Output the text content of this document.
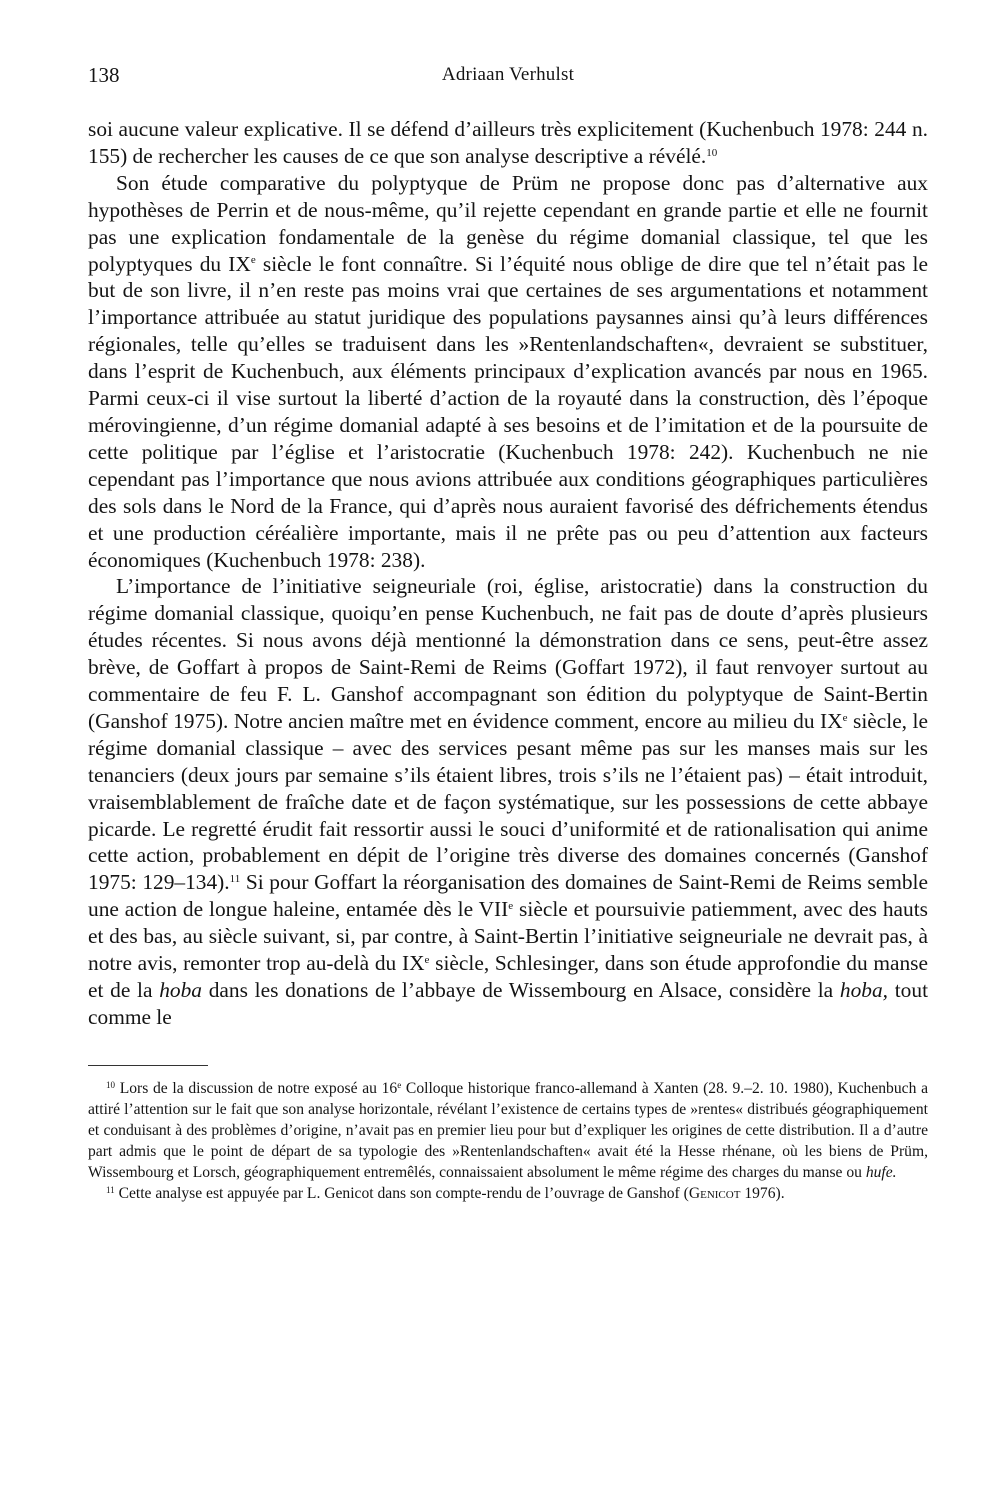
138	Adriaan Verhulst

soi aucune valeur explicative. Il se défend d’ailleurs très explicitement (Kuchenbuch 1978: 244 n. 155) de rechercher les causes de ce que son analyse descriptive a révélé.$^{10}$

Son étude comparative du polyptyque de Prüm ne propose donc pas d’alternative aux hypothèses de Perrin et de nous-même, qu’il rejette cependant en grande partie et elle ne fournit pas une explication fondamentale de la genèse du régime domanial classique, tel que les polyptyques du IXe siècle le font connaître. Si l’équité nous oblige de dire que tel n’était pas le but de son livre, il n’en reste pas moins vrai que certaines de ses argumentations et notamment l’importance attribuée au statut juridique des populations paysannes ainsi qu’à leurs différences régionales, telle qu’elles se traduisent dans les »Rentenlandschaften«, devraient se substituer, dans l’esprit de Kuchenbuch, aux éléments principaux d’explication avancés par nous en 1965. Parmi ceux-ci il vise surtout la liberté d’action de la royauté dans la construction, dès l’époque mérovingienne, d’un régime domanial adapté à ses besoins et de l’imitation et de la poursuite de cette politique par l’église et l’aristocratie (Kuchenbuch 1978: 242). Kuchenbuch ne nie cependant pas l’importance que nous avions attribuée aux conditions géographiques particulières des sols dans le Nord de la France, qui d’après nous auraient favorisé des défrichements étendus et une production céréalière importante, mais il ne prête pas ou peu d’attention aux facteurs économiques (Kuchenbuch 1978: 238).

L’importance de l’initiative seigneuriale (roi, église, aristocratie) dans la construction du régime domanial classique, quoiqu’en pense Kuchenbuch, ne fait pas de doute d’après plusieurs études récentes. Si nous avons déjà mentionné la démonstration dans ce sens, peut-être assez brève, de Goffart à propos de Saint-Remi de Reims (Goffart 1972), il faut renvoyer surtout au commentaire de feu F. L. Ganshof accompagnant son édition du polyptyque de Saint-Bertin (Ganshof 1975). Notre ancien maître met en évidence comment, encore au milieu du IXe siècle, le régime domanial classique – avec des services pesant même pas sur les manses mais sur les tenanciers (deux jours par semaine s’ils étaient libres, trois s’ils ne l’étaient pas) – était introduit, vraisemblablement de fraîche date et de façon systématique, sur les possessions de cette abbaye picarde. Le regretté érudit fait ressortir aussi le souci d’uniformité et de rationalisation qui anime cette action, probablement en dépit de l’origine très diverse des domaines concernés (Ganshof 1975: 129–134).$^{11}$ Si pour Goffart la réorganisation des domaines de Saint-Remi de Reims semble une action de longue haleine, entamée dès le VIIe siècle et poursuivie patiemment, avec des hauts et des bas, au siècle suivant, si, par contre, à Saint-Bertin l’initiative seigneuriale ne devrait pas, à notre avis, remonter trop au-delà du IXe siècle, Schlesinger, dans son étude approfondie du manse et de la hoba dans les donations de l’abbaye de Wissembourg en Alsace, considère la hoba, tout comme le

$^{10}$ Lors de la discussion de notre exposé au 16e Colloque historique franco-allemand à Xanten (28. 9.–2. 10. 1980), Kuchenbuch a attiré l’attention sur le fait que son analyse horizontale, révélant l’existence de certains types de »rentes« distribués géographiquement et conduisant à des problèmes d’origine, n’avait pas en premier lieu pour but d’expliquer les origines de cette distribution. Il a d’autre part admis que le point de départ de sa typologie des »Rentenlandschaften« avait été la Hesse rhénane, où les biens de Prüm, Wissembourg et Lorsch, géographiquement entremêlés, connaissaient absolument le même régime des charges du manse ou hufe.

$^{11}$ Cette analyse est appuyée par L. Genicot dans son compte-rendu de l’ouvrage de Ganshof (Genicot 1976).
